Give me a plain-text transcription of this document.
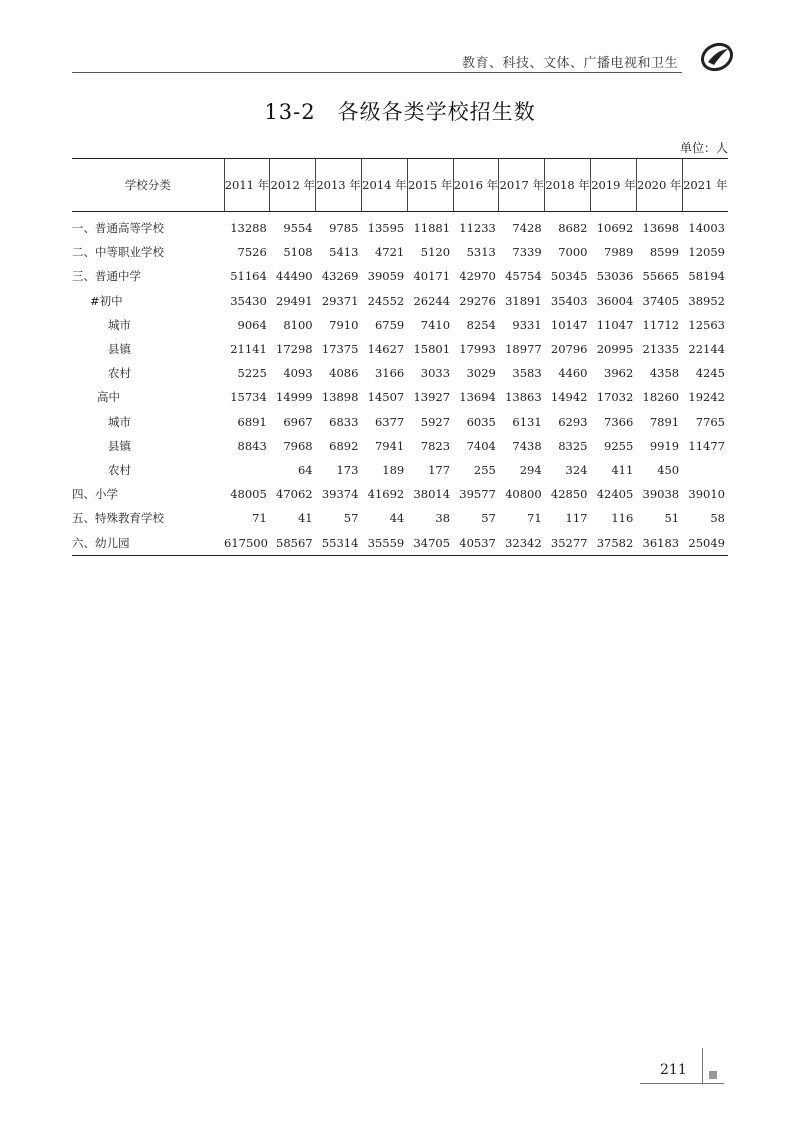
教育、科技、文体、广播电视和卫生
13-2 各级各类学校招生数
单位：人
学校分类	2011 年	2012 年	2013 年	2014 年	2015 年	2016 年	2017 年	2018 年	2019 年	2020 年	2021 年
一、普通高等学校	13288	9554	9785	13595	11881	11233	7428	8682	10692	13698	14003
二、中等职业学校	7526	5108	5413	4721	5120	5313	7339	7000	7989	8599	12059
三、普通中学	51164	44490	43269	39059	40171	42970	45754	50345	53036	55665	58194
#初中	35430	29491	29371	24552	26244	29276	31891	35403	36004	37405	38952
城市	9064	8100	7910	6759	7410	8254	9331	10147	11047	11712	12563
县镇	21141	17298	17375	14627	15801	17993	18977	20796	20995	21335	22144
农村	5225	4093	4086	3166	3033	3029	3583	4460	3962	4358	4245
高中	15734	14999	13898	14507	13927	13694	13863	14942	17032	18260	19242
城市	6891	6967	6833	6377	5927	6035	6131	6293	7366	7891	7765
县镇	8843	7968	6892	7941	7823	7404	7438	8325	9255	9919	11477
农村		64	173	189	177	255	294	324	411	450	
四、小学	48005	47062	39374	41692	38014	39577	40800	42850	42405	39038	39010
五、特殊教育学校	71	41	57	44	38	57	71	117	116	51	58
六、幼儿园	617500	58567	55314	35559	34705	40537	32342	35277	37582	36183	25049
211
